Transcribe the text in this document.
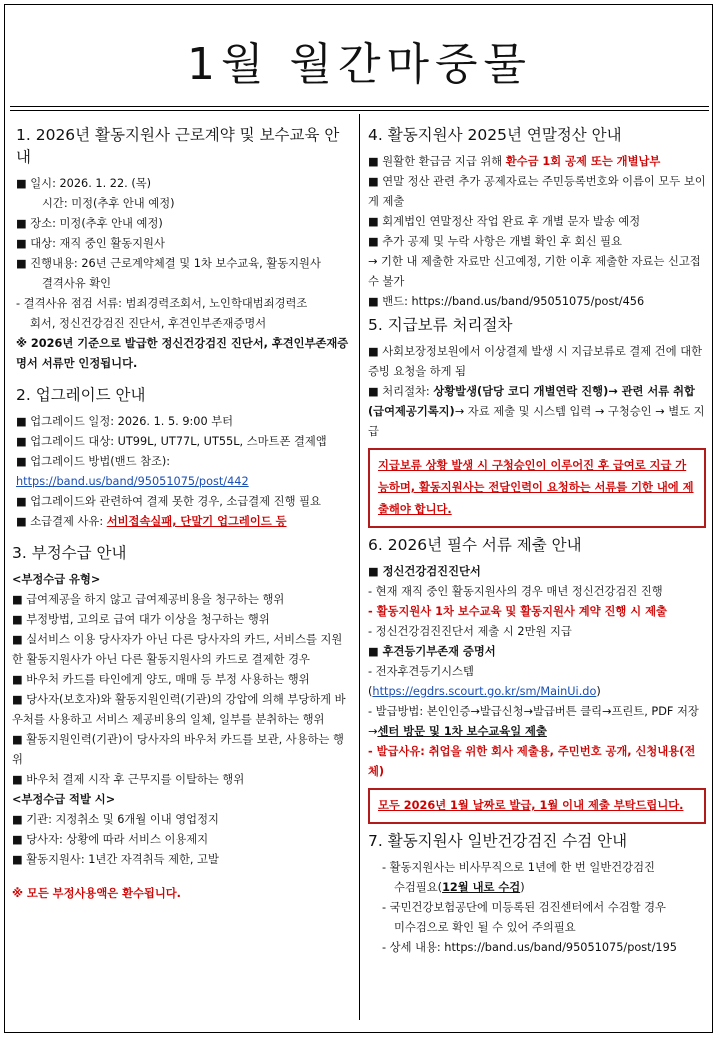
1월 월간마중물
1. 2026년 활동지원사 근로계약 및 보수교육 안내

■ 일시: 2026. 1. 22. (목)

시간: 미정(추후 안내 예정)

■ 장소: 미정(추후 안내 예정)

■ 대상: 재직 중인 활동지원사

■ 진행내용: 26년 근로계약체결 및 1차 보수교육, 활동지원사

결격사유 확인

- 결격사유 점검 서류: 범죄경력조회서, 노인학대범죄경력조

회서, 정신건강검진 진단서, 후견인부존재증명서

※ 2026년 기준으로 발급한 정신건강검진 진단서, 후견인부존재증명서 서류만 인정됩니다.

2. 업그레이드 안내

■ 업그레이드 일정: 2026. 1. 5. 9:00 부터

■ 업그레이드 대상: UT99L, UT77L, UT55L, 스마트폰 결제앱

■ 업그레이드 방법(밴드 참조):

https://band.us/band/95051075/post/442

■ 업그레이드와 관련하여 결제 못한 경우, 소급결제 진행 필요

■ 소급결제 사유: 서비접속실패, 단말기 업그레이드 등

3. 부정수급 안내

<부정수급 유형>

■ 급여제공을 하지 않고 급여제공비용을 청구하는 행위

■ 부정방법, 고의로 급여 대가 이상을 청구하는 행위

■ 실서비스 이용 당사자가 아닌 다른 당사자의 카드, 서비스를 지원한 활동지원사가 아닌 다른 활동지원사의 카드로 결제한 경우

■ 바우처 카드를 타인에게 양도, 매매 등 부정 사용하는 행위

■ 당사자(보호자)와 활동지원인력(기관)의 강압에 의해 부당하게 바우처를 사용하고 서비스 제공비용의 일체, 일부를 분취하는 행위

■ 활동지원인력(기관)이 당사자의 바우처 카드를 보관, 사용하는 행위

■ 바우처 결제 시작 후 근무지를 이탈하는 행위

<부정수급 적발 시>

■ 기관: 지정취소 및 6개월 이내 영업정지

■ 당사자: 상황에 따라 서비스 이용제지

■ 활동지원사: 1년간 자격취득 제한, 고발

※ 모든 부정사용액은 환수됩니다.

4. 활동지원사 2025년 연말정산 안내

■ 원활한 환급금 지급 위해 환수금 1회 공제 또는 개별납부

■ 연말 정산 관련 추가 공제자료는 주민등록번호와 이름이 모두 보이게 제출

■ 회계법인 연말정산 작업 완료 후 개별 문자 발송 예정

■ 추가 공제 및 누락 사항은 개별 확인 후 회신 필요

→ 기한 내 제출한 자료만 신고예정, 기한 이후 제출한 자료는 신고접수 불가

■ 밴드: https://band.us/band/95051075/post/456

5. 지급보류 처리절차

■ 사회보장정보원에서 이상결제 발생 시 지급보류로 결제 건에 대한 증빙 요청을 하게 됨

■ 처리절차: 상황발생(담당 코디 개별연락 진행)→ 관련 서류 취합(급여제공기록지)→ 자료 제출 및 시스템 입력 → 구청승인 → 별도 지급

지급보류 상황 발생 시 구청승인이 이루어진 후 급여로 지급 가능하며, 활동지원사는 전담인력이 요청하는 서류를 기한 내에 제출해야 합니다.
6. 2026년 필수 서류 제출 안내

■ 정신건강검진진단서

- 현재 재직 중인 활동지원사의 경우 매년 정신건강검진 진행

- 활동지원사 1차 보수교육 및 활동지원사 계약 진행 시 제출

- 정신건강검진진단서 제출 시 2만원 지급

■ 후견등기부존재 증명서

- 전자후견등기시스템

(https://egdrs.scourt.go.kr/sm/MainUi.do)

- 발급방법: 본인인증→발급신청→발급버튼 클릭→프린트, PDF 저장→센터 방문 및 1차 보수교육일 제출

- 발급사유: 취업을 위한 회사 제출용, 주민번호 공개, 신청내용(전체)

모두 2026년 1월 날짜로 발급, 1월 이내 제출 부탁드립니다.
7. 활동지원사 일반건강검진 수검 안내

- 활동지원사는 비사무직으로 1년에 한 번 일반건강검진

수검필요(12월 내로 수검)

- 국민건강보험공단에 미등록된 검진센터에서 수검할 경우

미수검으로 확인 될 수 있어 주의필요

- 상세 내용: https://band.us/band/95051075/post/195
